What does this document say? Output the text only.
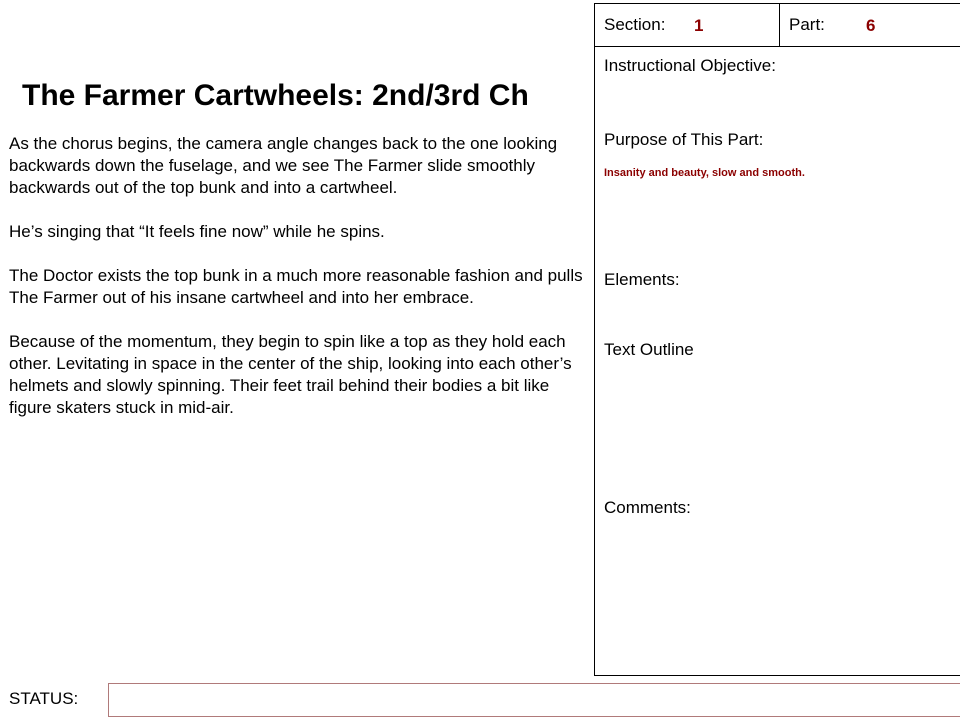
The Farmer Cartwheels: 2nd/3rd Ch

As the chorus begins, the camera angle changes back to the one looking backwards down the fuselage, and we see The Farmer slide smoothly backwards out of the top bunk and into a cartwheel.

He’s singing that “It feels fine now” while he spins.

The Doctor exists the top bunk in a much more reasonable fashion and pulls The Farmer out of his insane cartwheel and into her embrace.

Because of the momentum, they begin to spin like a top as they hold each other. Levitating in space in the center of the ship, looking into each other’s helmets and slowly spinning. Their feet trail behind their bodies a bit like figure skaters stuck in mid-air.

Section: 1	Part: 6
Instructional Objective:
Purpose of This Part:
Insanity and beauty, slow and smooth.
Elements:
Text Outline
Comments:
STATUS:
